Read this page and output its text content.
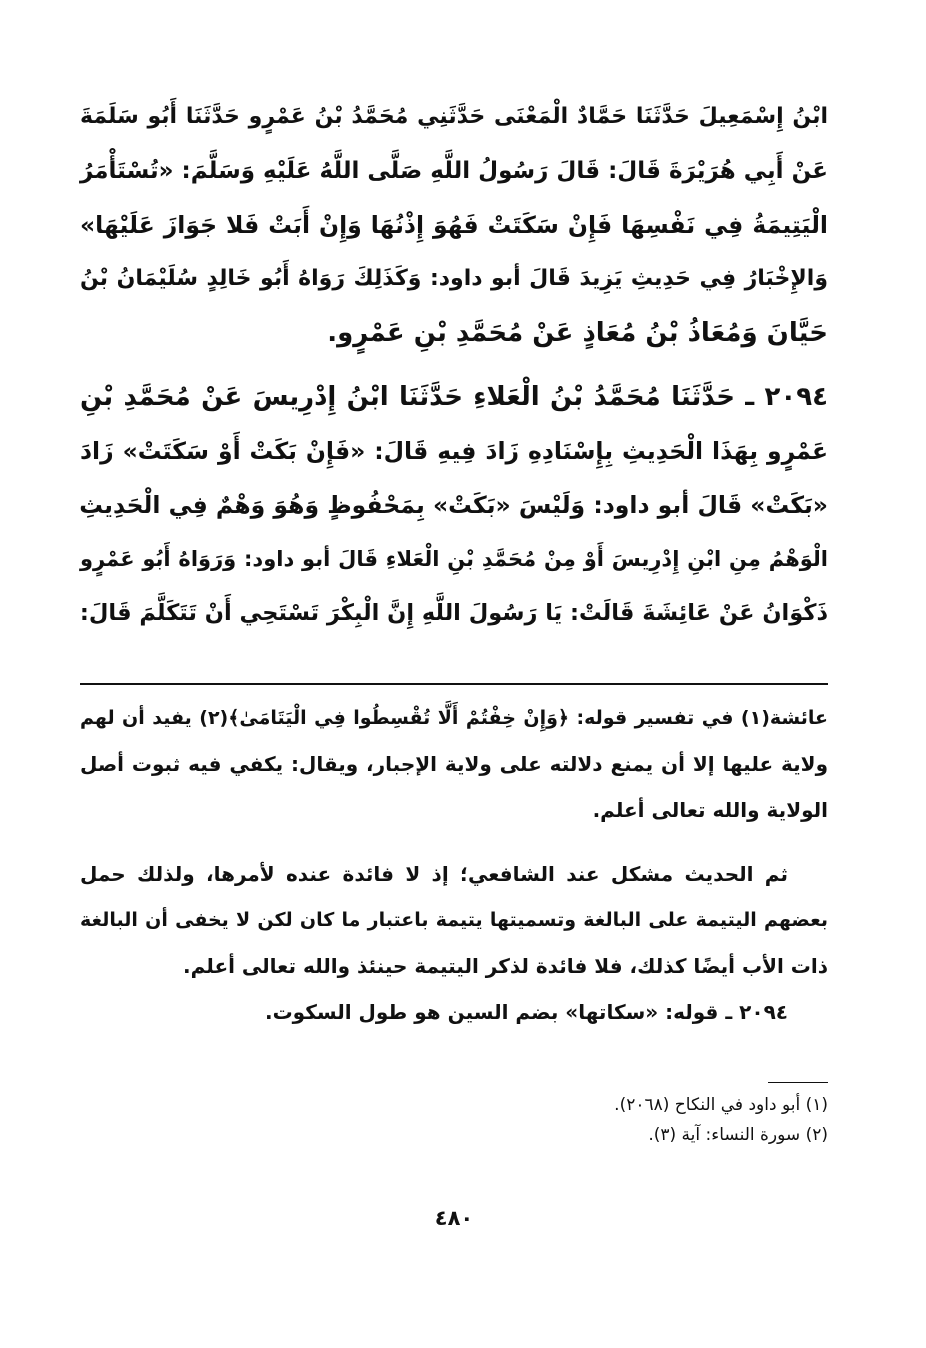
ابْنُ إِسْمَعِيلَ حَدَّثَنَا حَمَّادٌ الْمَعْنَى حَدَّثَنِي مُحَمَّدُ بْنُ عَمْرٍو حَدَّثَنَا أَبُو سَلَمَةَ

عَنْ أَبِي هُرَيْرَةَ قَالَ: قَالَ رَسُولُ اللَّهِ صَلَّى اللَّهُ عَلَيْهِ وَسَلَّمَ: «تُسْتَأْمَرُ

الْيَتِيمَةُ فِي نَفْسِهَا فَإِنْ سَكَتَتْ فَهُوَ إِذْنُهَا وَإِنْ أَبَتْ فَلا جَوَازَ عَلَيْهَا»

وَالإِخْبَارُ فِي حَدِيثِ يَزِيدَ قَالَ أبو داود: وَكَذَلِكَ رَوَاهُ أَبُو خَالِدٍ سُلَيْمَانُ بْنُ

حَيَّانَ وَمُعَاذُ بْنُ مُعَاذٍ عَنْ مُحَمَّدِ بْنِ عَمْرٍو.

٢٠٩٤ ـ حَدَّثَنَا مُحَمَّدُ بْنُ الْعَلاءِ حَدَّثَنَا ابْنُ إِدْرِيسَ عَنْ مُحَمَّدِ بْنِ

عَمْرٍو بِهَذَا الْحَدِيثِ بِإِسْنَادِهِ زَادَ فِيهِ قَالَ: «فَإِنْ بَكَتْ أَوْ سَكَتَتْ» زَادَ

«بَكَتْ» قَالَ أبو داود: وَلَيْسَ «بَكَتْ» بِمَحْفُوظٍ وَهُوَ وَهْمٌ فِي الْحَدِيثِ

الْوَهْمُ مِنِ ابْنِ إِدْرِيسَ أَوْ مِنْ مُحَمَّدِ بْنِ الْعَلاءِ قَالَ أبو داود: وَرَوَاهُ أَبُو عَمْرٍو

ذَكْوَانُ عَنْ عَائِشَةَ قَالَتْ: يَا رَسُولَ اللَّهِ إِنَّ الْبِكْرَ تَسْتَحِي أَنْ تَتَكَلَّمَ قَالَ:

عائشة(١) في تفسير قوله: ﴿وَإِنْ خِفْتُمْ أَلَّا تُقْسِطُوا فِي الْيَتَامَىٰ﴾(٢) يفيد أن لهم

ولاية عليها إلا أن يمنع دلالته على ولاية الإجبار، ويقال: يكفي فيه ثبوت أصل

الولاية والله تعالى أعلم.

ثم الحديث مشكل عند الشافعي؛ إذ لا فائدة عنده لأمرها، ولذلك حمل

بعضهم اليتيمة على البالغة وتسميتها يتيمة باعتبار ما كان لكن لا يخفى أن البالغة

ذات الأب أيضًا كذلك، فلا فائدة لذكر اليتيمة حينئذ والله تعالى أعلم.

٢٠٩٤ ـ قوله: «سكاتها» بضم السين هو طول السكوت.

(١) أبو داود في النكاح (٢٠٦٨).

(٢) سورة النساء: آية (٣).

٤٨٠
